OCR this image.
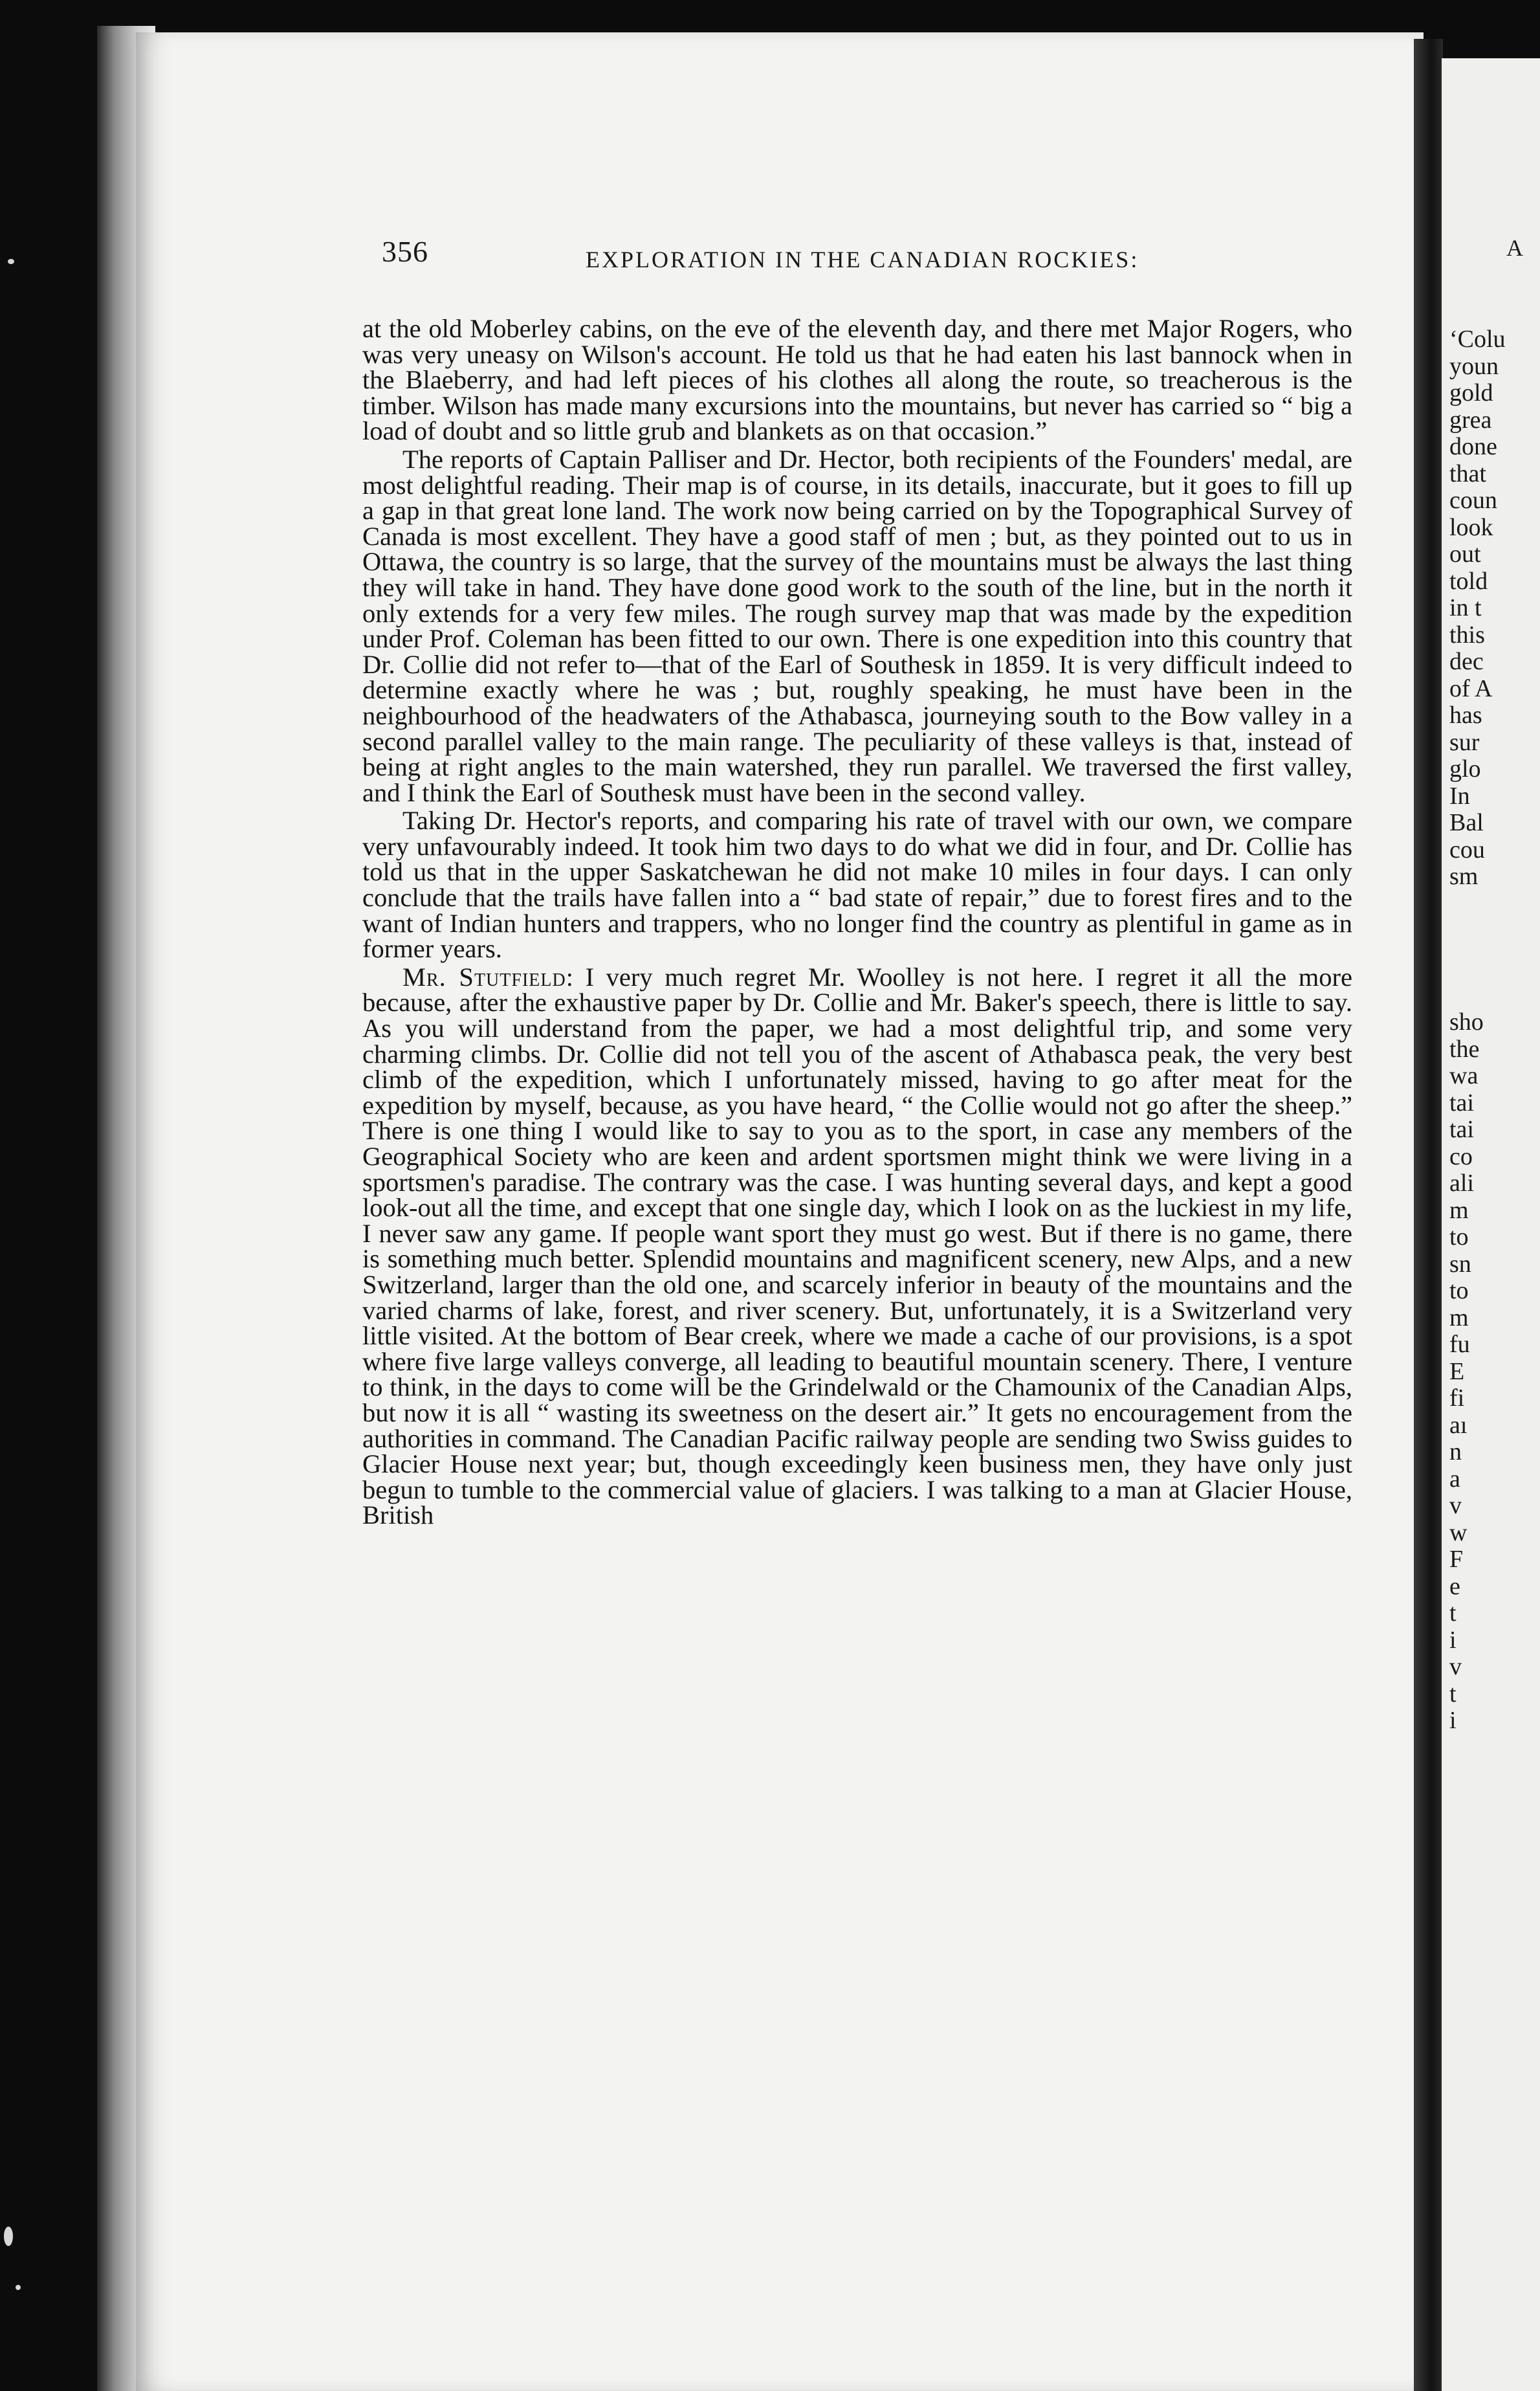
356	EXPLORATION IN THE CANADIAN ROCKIES:

at the old Moberley cabins, on the eve of the eleventh day, and there met Major Rogers, who was very uneasy on Wilson's account. He told us that he had eaten his last bannock when in the Blaeberry, and had left pieces of his clothes all along the route, so treacherous is the timber. Wilson has made many excursions into the mountains, but never has carried so “ big a load of doubt and so little grub and blankets as on that occasion.”

The reports of Captain Palliser and Dr. Hector, both recipients of the Founders' medal, are most delightful reading. Their map is of course, in its details, inaccurate, but it goes to fill up a gap in that great lone land. The work now being carried on by the Topographical Survey of Canada is most excellent. They have a good staff of men ; but, as they pointed out to us in Ottawa, the country is so large, that the survey of the mountains must be always the last thing they will take in hand. They have done good work to the south of the line, but in the north it only extends for a very few miles. The rough survey map that was made by the expedition under Prof. Coleman has been fitted to our own. There is one expedition into this country that Dr. Collie did not refer to—that of the Earl of Southesk in 1859. It is very difficult indeed to determine exactly where he was ; but, roughly speaking, he must have been in the neighbourhood of the headwaters of the Athabasca, journeying south to the Bow valley in a second parallel valley to the main range. The peculiarity of these valleys is that, instead of being at right angles to the main watershed, they run parallel. We traversed the first valley, and I think the Earl of Southesk must have been in the second valley.

Taking Dr. Hector's reports, and comparing his rate of travel with our own, we compare very unfavourably indeed. It took him two days to do what we did in four, and Dr. Collie has told us that in the upper Saskatchewan he did not make 10 miles in four days. I can only conclude that the trails have fallen into a “ bad state of repair,” due to forest fires and to the want of Indian hunters and trappers, who no longer find the country as plentiful in game as in former years.

Mr. Stutfield: I very much regret Mr. Woolley is not here. I regret it all the more because, after the exhaustive paper by Dr. Collie and Mr. Baker's speech, there is little to say. As you will understand from the paper, we had a most delightful trip, and some very charming climbs. Dr. Collie did not tell you of the ascent of Athabasca peak, the very best climb of the expedition, which I unfortunately missed, having to go after meat for the expedition by myself, because, as you have heard, “ the Collie would not go after the sheep.” There is one thing I would like to say to you as to the sport, in case any members of the Geographical Society who are keen and ardent sportsmen might think we were living in a sportsmen's paradise. The contrary was the case. I was hunting several days, and kept a good look-out all the time, and except that one single day, which I look on as the luckiest in my life, I never saw any game. If people want sport they must go west. But if there is no game, there is something much better. Splendid mountains and magnificent scenery, new Alps, and a new Switzerland, larger than the old one, and scarcely inferior in beauty of the mountains and the varied charms of lake, forest, and river scenery. But, unfortunately, it is a Switzerland very little visited. At the bottom of Bear creek, where we made a cache of our provisions, is a spot where five large valleys converge, all leading to beautiful mountain scenery. There, I venture to think, in the days to come will be the Grindelwald or the Chamounix of the Canadian Alps, but now it is all “ wasting its sweetness on the desert air.” It gets no encouragement from the authorities in command. The Canadian Pacific railway people are sending two Swiss guides to Glacier House next year; but, though exceedingly keen business men, they have only just begun to tumble to the commercial value of glaciers. I was talking to a man at Glacier House, British

A
‘Colu
youn
gold
grea
done
that
coun
look
out
told
in t
this
dec
of A
has
sur
glo
In
Bal
cou
sm
sho
the
wa
tai
tai
co
ali
m
to
sn
to
m
fu
E
fi
aı
n
a
v
w
F
e
t
i
v
t
i
